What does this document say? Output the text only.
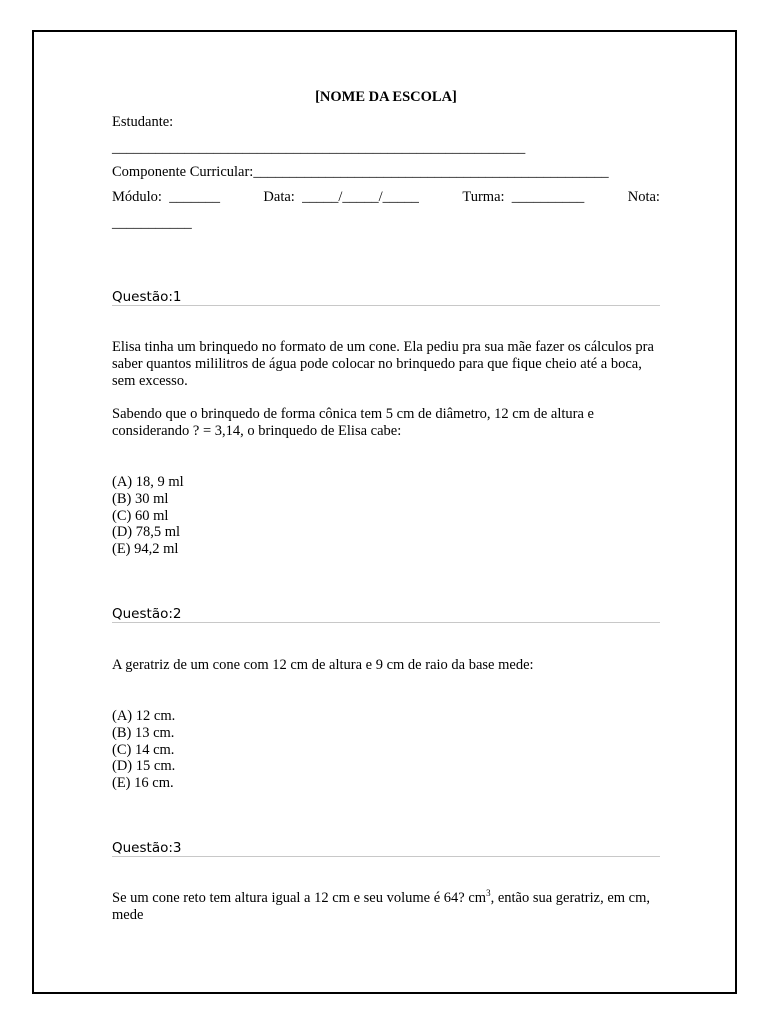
[NOME DA ESCOLA]
Estudante:
_________________________________________________________
Componente Curricular:_________________________________________________
Módulo:  _______	Data:  _____/_____/_____	Turma:  __________	Nota:
___________
Questão:1
Elisa tinha um brinquedo no formato de um cone. Ela pediu pra sua mãe fazer os cálculos pra saber quantos mililitros de água pode colocar no brinquedo para que fique cheio até a boca, sem excesso.
Sabendo que o brinquedo de forma cônica tem 5 cm de diâmetro, 12 cm de altura e considerando ? = 3,14, o brinquedo de Elisa cabe:
(A) 18, 9 ml
(B) 30 ml
(C) 60 ml
(D) 78,5 ml
(E) 94,2 ml
Questão:2
A geratriz de um cone com 12 cm de altura e 9 cm de raio da base mede:
(A) 12 cm.
(B) 13 cm.
(C) 14 cm.
(D) 15 cm.
(E) 16 cm.
Questão:3
Se um cone reto tem altura igual a 12 cm e seu volume é 64? $cm^3$, então sua geratriz, em cm, mede
